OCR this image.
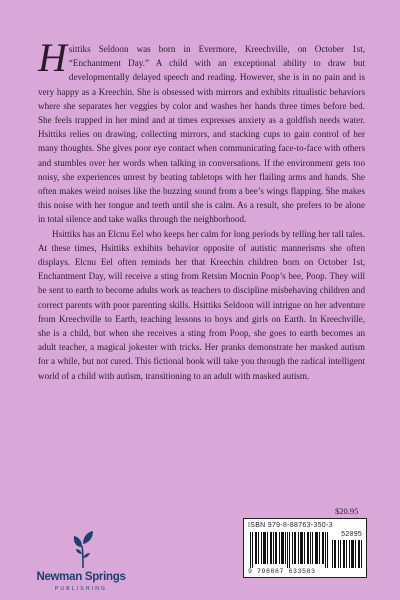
Hsittiks Seldoon was born in Evermore, Kreechville, on October 1st, “Enchantment Day.” A child with an exceptional ability to draw but developmentally delayed speech and reading. However, she is in no pain and is very happy as a Kreechin. She is obsessed with mirrors and exhibits ritualistic behaviors where she separates her veggies by color and washes her hands three times before bed. She feels trapped in her mind and at times expresses anxiety as a goldfish needs water. Hsittiks relies on drawing, collecting mirrors, and stacking cups to gain control of her many thoughts. She gives poor eye contact when communicating face-to-face with others and stumbles over her words when talking in conversations. If the environment gets too noisy, she experiences unrest by beating tabletops with her flailing arms and hands. She often makes weird noises like the buzzing sound from a bee’s wings flapping. She makes this noise with her tongue and teeth until she is calm. As a result, she prefers to be alone in total silence and take walks through the neighborhood.

Hsittiks has an Elcnu Eel who keeps her calm for long periods by telling her tall tales. At these times, Hsittiks exhibits behavior opposite of autistic mannerisms she often displays. Elcnu Eel often reminds her that Kreechin children born on October 1st, Enchantment Day, will receive a sting from Retsim Mocnin Poop’s bee, Poop. They will be sent to earth to become adults work as teachers to discipline misbehaving children and correct parents with poor parenting skills. Hsittiks Seldoon will intrigue on her adventure from Kreechville to Earth, teaching lessons to boys and girls on Earth. In Kreechville, she is a child, but when she receives a sting from Poop, she goes to earth becomes an adult teacher, a magical jokester with tricks. Her pranks demonstrate her masked autism for a while, but not cured. This fictional book will take you through the radical intelligent world of a child with autism, transitioning to an adult with masked autism.

$20.95
ISBN 979-8-88763-350-3
52095
9 798887 633503
Newman Springs
PUBLISHING
